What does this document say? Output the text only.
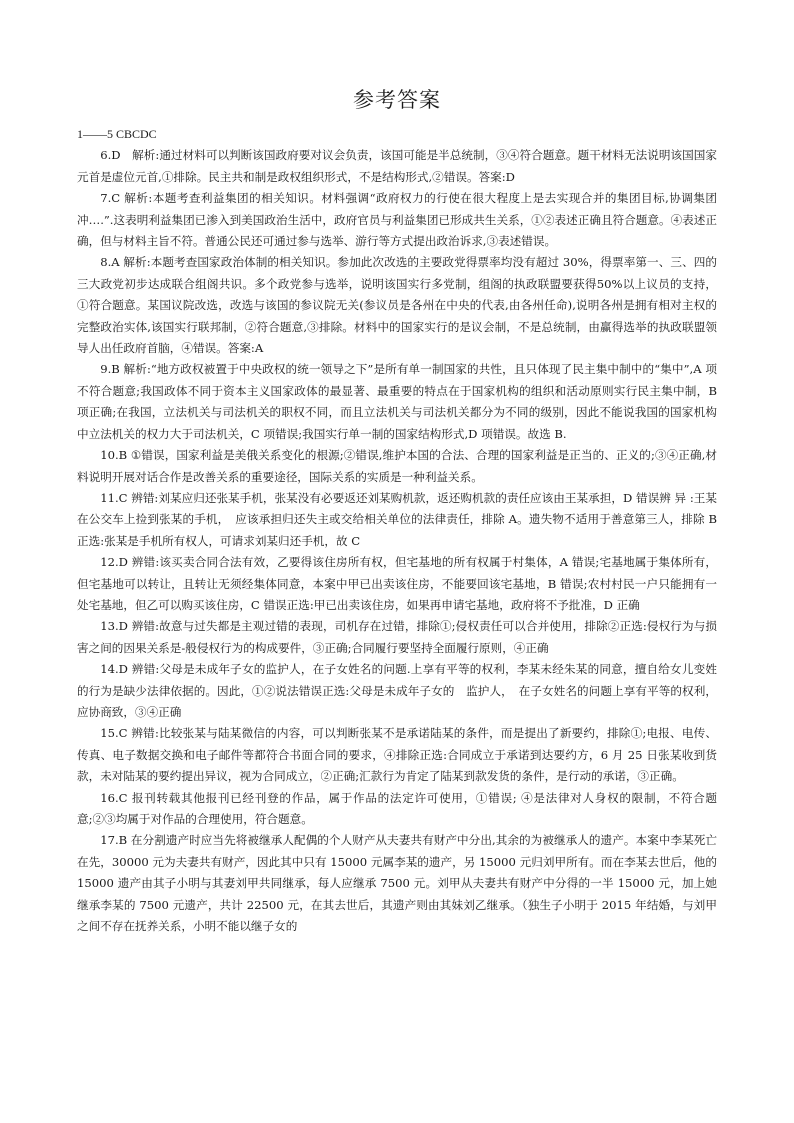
参考答案

1——5 CBCDC

6.D　解析:通过材料可以判断该国政府要对议会负责，该国可能是半总统制，③④符合题意。题干材料无法说明该国国家元首是虚位元首,①排除。民主共和制是政权组织形式，不是结构形式,②错误。答案:D

7.C 解析:本题考查利益集团的相关知识。材料强调“政府权力的行使在很大程度上是去实现合并的集团目标,协调集团冲….”.这表明利益集团已渗入到美国政治生活中，政府官员与利益集团已形成共生关系，①②表述正确且符合题意。④表述正确，但与材料主旨不符。普通公民还可通过参与选举、游行等方式提出政治诉求,③表述错误。

8.A 解析:本题考查国家政治体制的相关知识。参加此次改选的主要政党得票率均没有超过 30%，得票率第一、三、四的三大政党初步达成联合组阁共识。多个政党参与选举，说明该国实行多党制，组阁的执政联盟要获得50%以上议员的支持，①符合题意。某国议院改选，改选与该国的参议院无关(参议员是各州在中央的代表,由各州任命),说明各州是拥有相对主权的完整政治实体,该国实行联邦制，②符合题意,③排除。材料中的国家实行的是议会制，不是总统制，由赢得选举的执政联盟领导人出任政府首脑，④错误。答案:A

9.B 解析:“地方政权被置于中央政权的统一领导之下”是所有单一制国家的共性，且只体现了民主集中制中的“集中”,A 项不符合题意;我国政体不同于资本主义国家政体的最显著、最重要的特点在于国家机构的组织和活动原则实行民主集中制，B 项正确;在我国，立法机关与司法机关的职权不同，而且立法机关与司法机关都分为不同的级别，因此不能说我国的国家机构中立法机关的权力大于司法机关，C 项错误;我国实行单一制的国家结构形式,D 项错误。故选 B.

10.B ①错误，国家利益是美俄关系变化的根源;②错误,维护本国的合法、合理的国家利益是正当的、正义的;③④正确,材料说明开展对话合作是改善关系的重要途径，国际关系的实质是一种利益关系。

11.C 辨错:刘某应归还张某手机，张某没有必要返还刘某购机款，返还购机款的责任应该由王某承担，D 错误辨 异 :王某在公交车上捡到张某的手机，　应该承担归还失主或交给相关单位的法律责任，排除 A。遗失物不适用于善意第三人，排除 B　正选:张某是手机所有权人，可请求刘某归还手机，故 C

12.D 辨错:该买卖合同合法有效，乙要得该住房所有权，但宅基地的所有权属于村集体，A 错误;宅基地属于集体所有，但宅基地可以转让，且转让无须经集体同意，本案中甲已出卖该住房，不能要回该宅基地，B 错误;农村村民一户只能拥有一处宅基地，但乙可以购买该住房，C 错误正选:甲已出卖该住房，如果再申请宅基地，政府将不予批准，D 正确

13.D 辨错:故意与过失都是主观过错的表现，司机存在过错，排除①;侵权责任可以合并使用，排除②正选:侵权行为与损害之间的因果关系是-般侵权行为的构成要件，③正确;合同履行要坚持全面履行原则，④正确

14.D 辨错:父母是未成年子女的监护人，在子女姓名的问题.上享有平等的权利，李某未经朱某的同意，擅自给女儿变姓的行为是缺少法律依据的。因此，①②说法错误正选:父母是未成年子女的　监护人，　在子女姓名的问题上享有平等的权利，应协商致，③④正确

15.C 辨错:比较张某与陆某微信的内容，可以判断张某不是承诺陆某的条件，而是提出了新要约，排除①;电报、电传、传真、电子数据交换和电子邮件等都符合书面合同的要求，④排除正选:合同成立于承诺到达要约方，6 月 25 日张某收到货款，未对陆某的要约提出异议，视为合同成立，②正确;汇款行为肯定了陆某到款发货的条件，是行动的承诺，③正确。

16.C 报刊转载其他报刊已经刊登的作品，属于作品的法定许可使用，①错误; ④是法律对人身权的限制，不符合题意;②③均属于对作品的合理使用，符合题意。

17.B 在分割遗产时应当先将被继承人配偶的个人财产从夫妻共有财产中分出,其余的为被继承人的遗产。本案中李某死亡在先，30000 元为夫妻共有财产，因此其中只有 15000 元属李某的遗产，另 15000 元归刘甲所有。而在李某去世后，他的 15000 遗产由其子小明与其妻刘甲共同继承，每人应继承 7500 元。刘甲从夫妻共有财产中分得的一半 15000 元，加上她继承李某的 7500 元遗产，共计 22500 元，在其去世后，其遗产则由其妹刘乙继承。（独生子小明于 2015 年结婚，与刘甲之间不存在抚养关系，小明不能以继子女的
